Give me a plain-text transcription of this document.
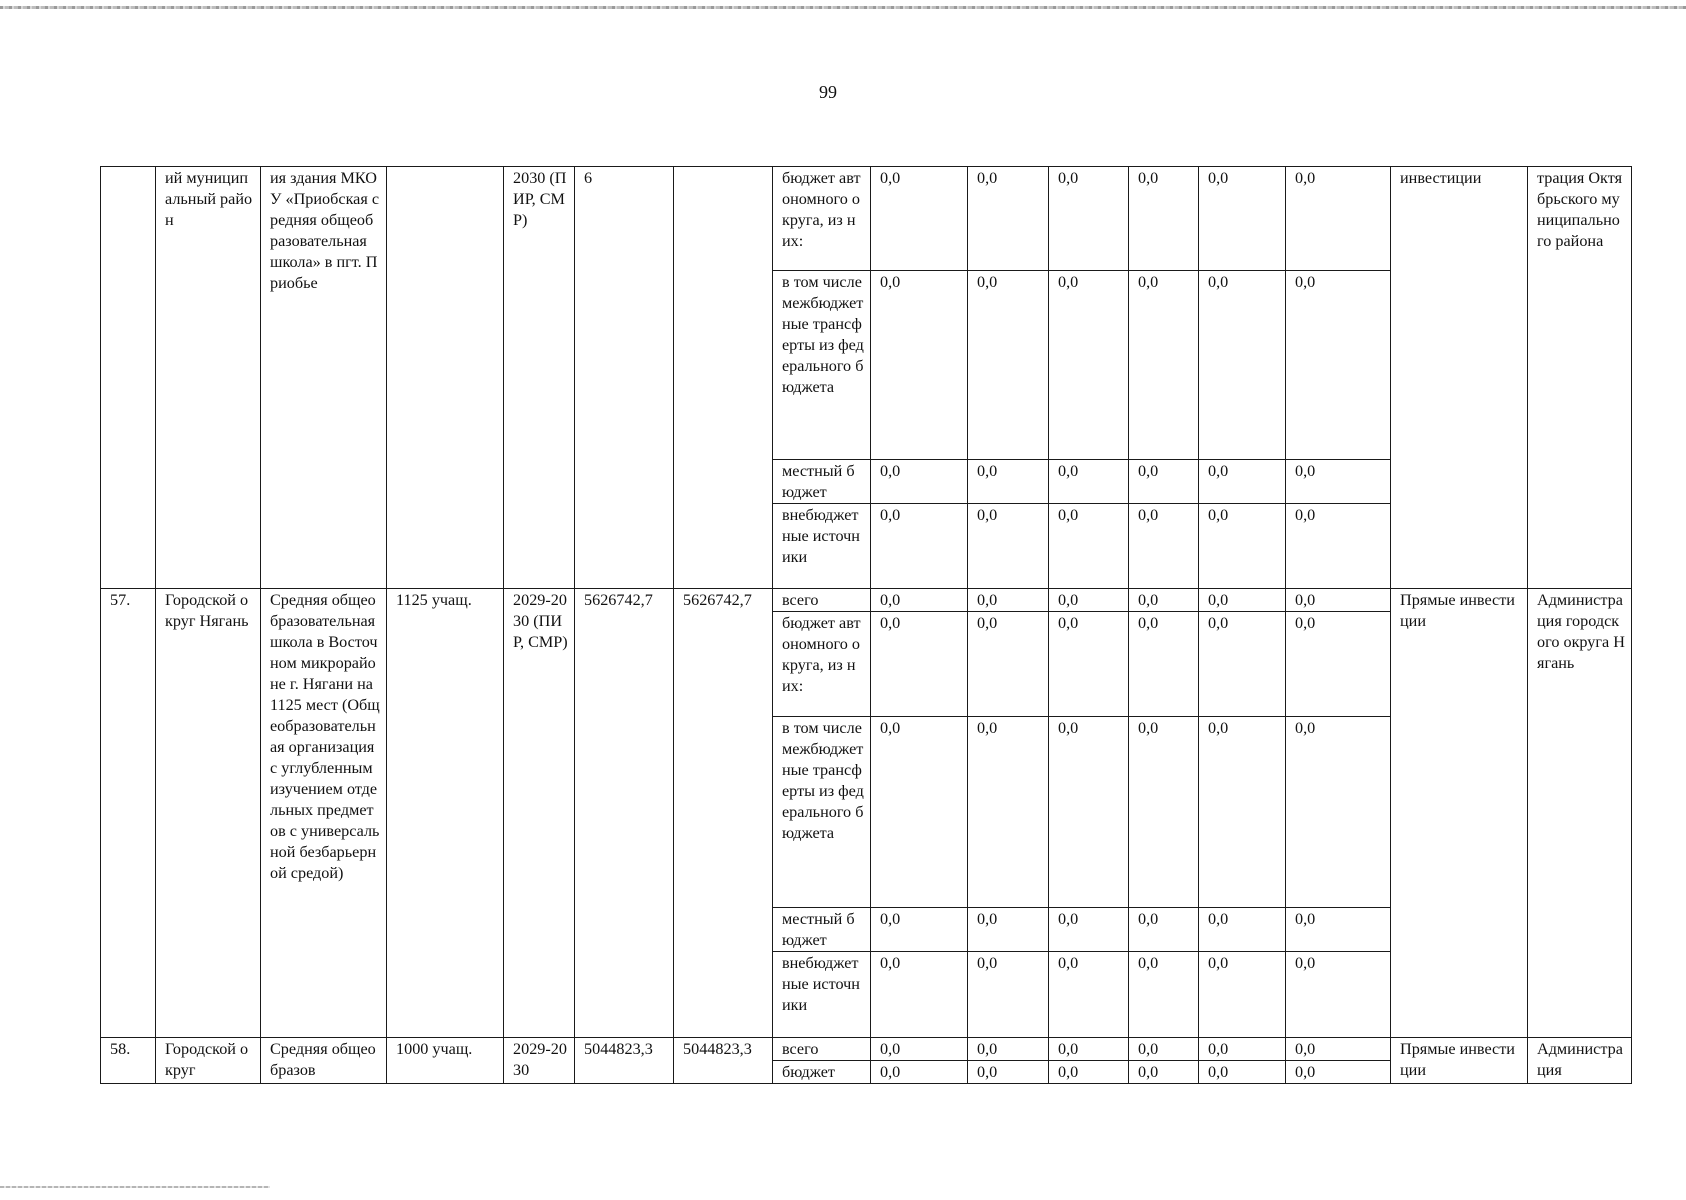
99
	ий муниципальный район	ия здания МКОУ «Приобская средняя общеобразовательная школа» в пгт. Приобье		2030 (ПИР, СМР)	6		бюджет автономного округа, из них:	0,0	0,0	0,0	0,0	0,0	0,0	инвестиции	трация Октябрьского муниципального района
							в том числе межбюджетные трансферты из федерального бюджета	0,0	0,0	0,0	0,0	0,0	0,0		
							местный бюджет	0,0	0,0	0,0	0,0	0,0	0,0		
							внебюджетные источники	0,0	0,0	0,0	0,0	0,0	0,0		
57.	Городской округ Нягань	Средняя общеобразовательная школа в Восточном микрорайоне г. Нягани на 1125 мест (Общеобразовательная организация с углубленным изучением отдельных предметов с универсальной безбарьерной средой)	1125 учащ.	2029-2030 (ПИР, СМР)	5626742,7	5626742,7	всего	0,0	0,0	0,0	0,0	0,0	0,0	Прямые инвестиции	Администрация городского округа Нягань
							бюджет автономного округа, из них:	0,0	0,0	0,0	0,0	0,0	0,0		
							в том числе межбюджетные трансферты из федерального бюджета	0,0	0,0	0,0	0,0	0,0	0,0		
							местный бюджет	0,0	0,0	0,0	0,0	0,0	0,0		
							внебюджетные источники	0,0	0,0	0,0	0,0	0,0	0,0		
58.	Городской округ	Средняя общеобразов	1000 учащ.	2029-2030	5044823,3	5044823,3	всего	0,0	0,0	0,0	0,0	0,0	0,0	Прямые инвестиции	Администрация
							бюджет	0,0	0,0	0,0	0,0	0,0	0,0		
